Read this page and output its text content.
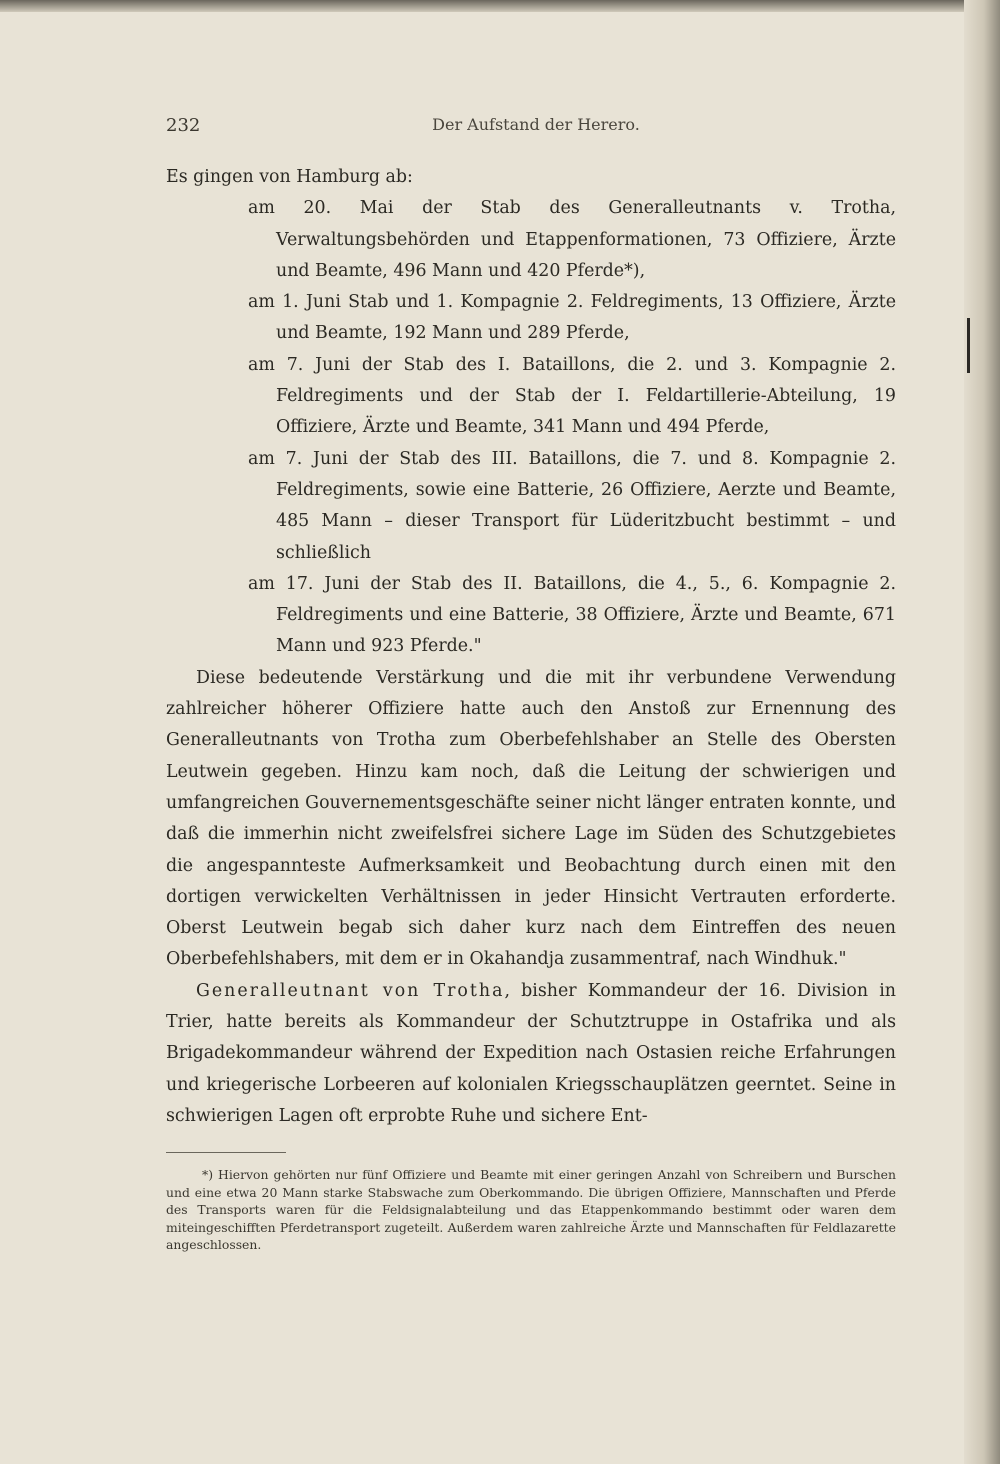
232	Der Aufstand der Herero.

Es gingen von Hamburg ab:

am 20. Mai der Stab des Generalleutnants v. Trotha, Verwaltungsbehörden und Etappenformationen, 73 Offiziere, Ärzte und Beamte, 496 Mann und 420 Pferde*),

am 1. Juni Stab und 1. Kompagnie 2. Feldregiments, 13 Offiziere, Ärzte und Beamte, 192 Mann und 289 Pferde,

am 7. Juni der Stab des I. Bataillons, die 2. und 3. Kompagnie 2. Feldregiments und der Stab der I. Feldartillerie-Abteilung, 19 Offiziere, Ärzte und Beamte, 341 Mann und 494 Pferde,

am 7. Juni der Stab des III. Bataillons, die 7. und 8. Kompagnie 2. Feldregiments, sowie eine Batterie, 26 Offiziere, Aerzte und Beamte, 485 Mann – dieser Transport für Lüderitzbucht bestimmt – und schließlich

am 17. Juni der Stab des II. Bataillons, die 4., 5., 6. Kompagnie 2. Feldregiments und eine Batterie, 38 Offiziere, Ärzte und Beamte, 671 Mann und 923 Pferde."

Diese bedeutende Verstärkung und die mit ihr verbundene Verwendung zahlreicher höherer Offiziere hatte auch den Anstoß zur Ernennung des Generalleutnants von Trotha zum Oberbefehlshaber an Stelle des Obersten Leutwein gegeben. Hinzu kam noch, daß die Leitung der schwierigen und umfangreichen Gouvernementsgeschäfte seiner nicht länger entraten konnte, und daß die immerhin nicht zweifelsfrei sichere Lage im Süden des Schutzgebietes die angespannteste Aufmerksamkeit und Beobachtung durch einen mit den dortigen verwickelten Verhältnissen in jeder Hinsicht Vertrauten erforderte. Oberst Leutwein begab sich daher kurz nach dem Eintreffen des neuen Oberbefehlshabers, mit dem er in Okahandja zusammentraf, nach Windhuk."

Generalleutnant von Trotha, bisher Kommandeur der 16. Division in Trier, hatte bereits als Kommandeur der Schutztruppe in Ostafrika und als Brigadekommandeur während der Expedition nach Ostasien reiche Erfahrungen und kriegerische Lorbeeren auf kolonialen Kriegsschauplätzen geerntet. Seine in schwierigen Lagen oft erprobte Ruhe und sichere Ent-

*) Hiervon gehörten nur fünf Offiziere und Beamte mit einer geringen Anzahl von Schreibern und Burschen und eine etwa 20 Mann starke Stabswache zum Oberkommando. Die übrigen Offiziere, Mannschaften und Pferde des Transports waren für die Feldsignalabteilung und das Etappenkommando bestimmt oder waren dem miteingeschifften Pferdetransport zugeteilt. Außerdem waren zahlreiche Ärzte und Mannschaften für Feldlazarette angeschlossen.
